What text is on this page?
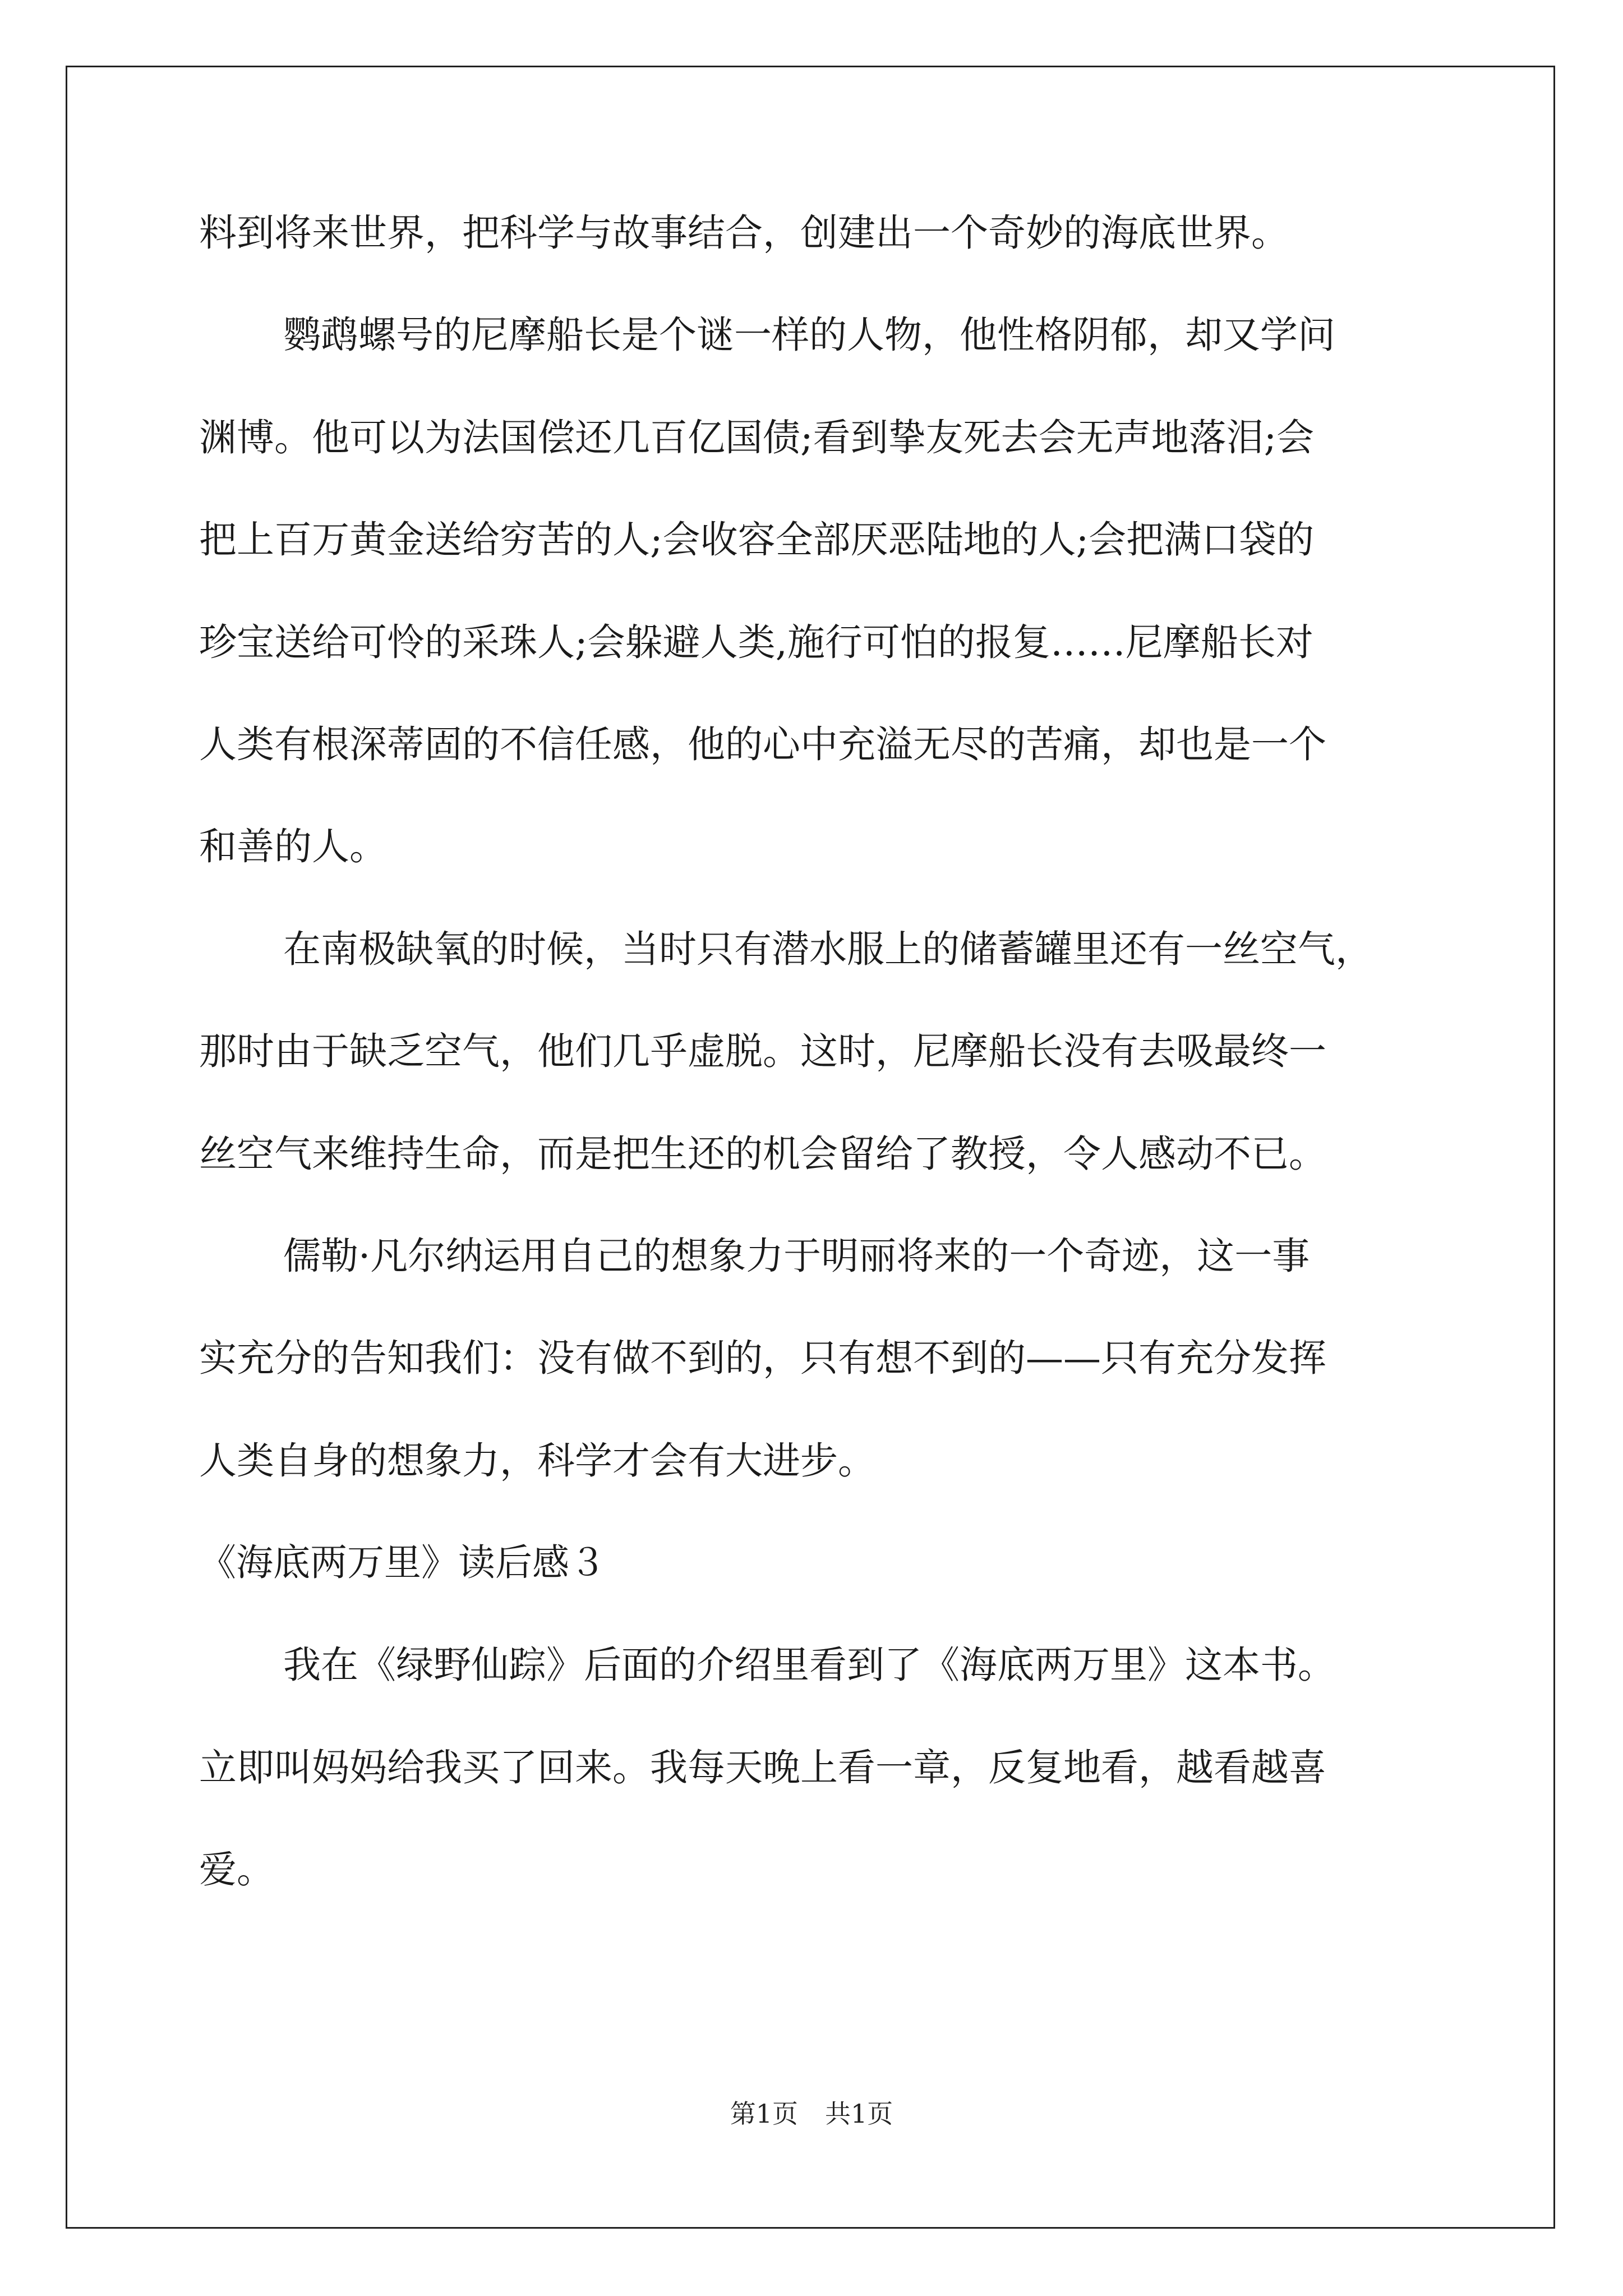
料到将来世界，把科学与故事结合，创建出一个奇妙的海底世界。

鹦鹉螺号的尼摩船长是个谜一样的人物，他性格阴郁，却又学问

渊博。他可以为法国偿还几百亿国债;看到挚友死去会无声地落泪;会

把上百万黄金送给穷苦的人;会收容全部厌恶陆地的人;会把满口袋的

珍宝送给可怜的采珠人;会躲避人类,施行可怕的报复……尼摩船长对

人类有根深蒂固的不信任感，他的心中充溢无尽的苦痛，却也是一个

和善的人。

在南极缺氧的时候，当时只有潜水服上的储蓄罐里还有一丝空气，

那时由于缺乏空气，他们几乎虚脱。这时，尼摩船长没有去吸最终一

丝空气来维持生命，而是把生还的机会留给了教授，令人感动不已。

儒勒·凡尔纳运用自己的想象力于明丽将来的一个奇迹，这一事

实充分的告知我们：没有做不到的，只有想不到的——只有充分发挥

人类自身的想象力，科学才会有大进步。

《海底两万里》读后感３

我在《绿野仙踪》后面的介绍里看到了《海底两万里》这本书。

立即叫妈妈给我买了回来。我每天晚上看一章，反复地看，越看越喜

爱。

第1页 共1页
